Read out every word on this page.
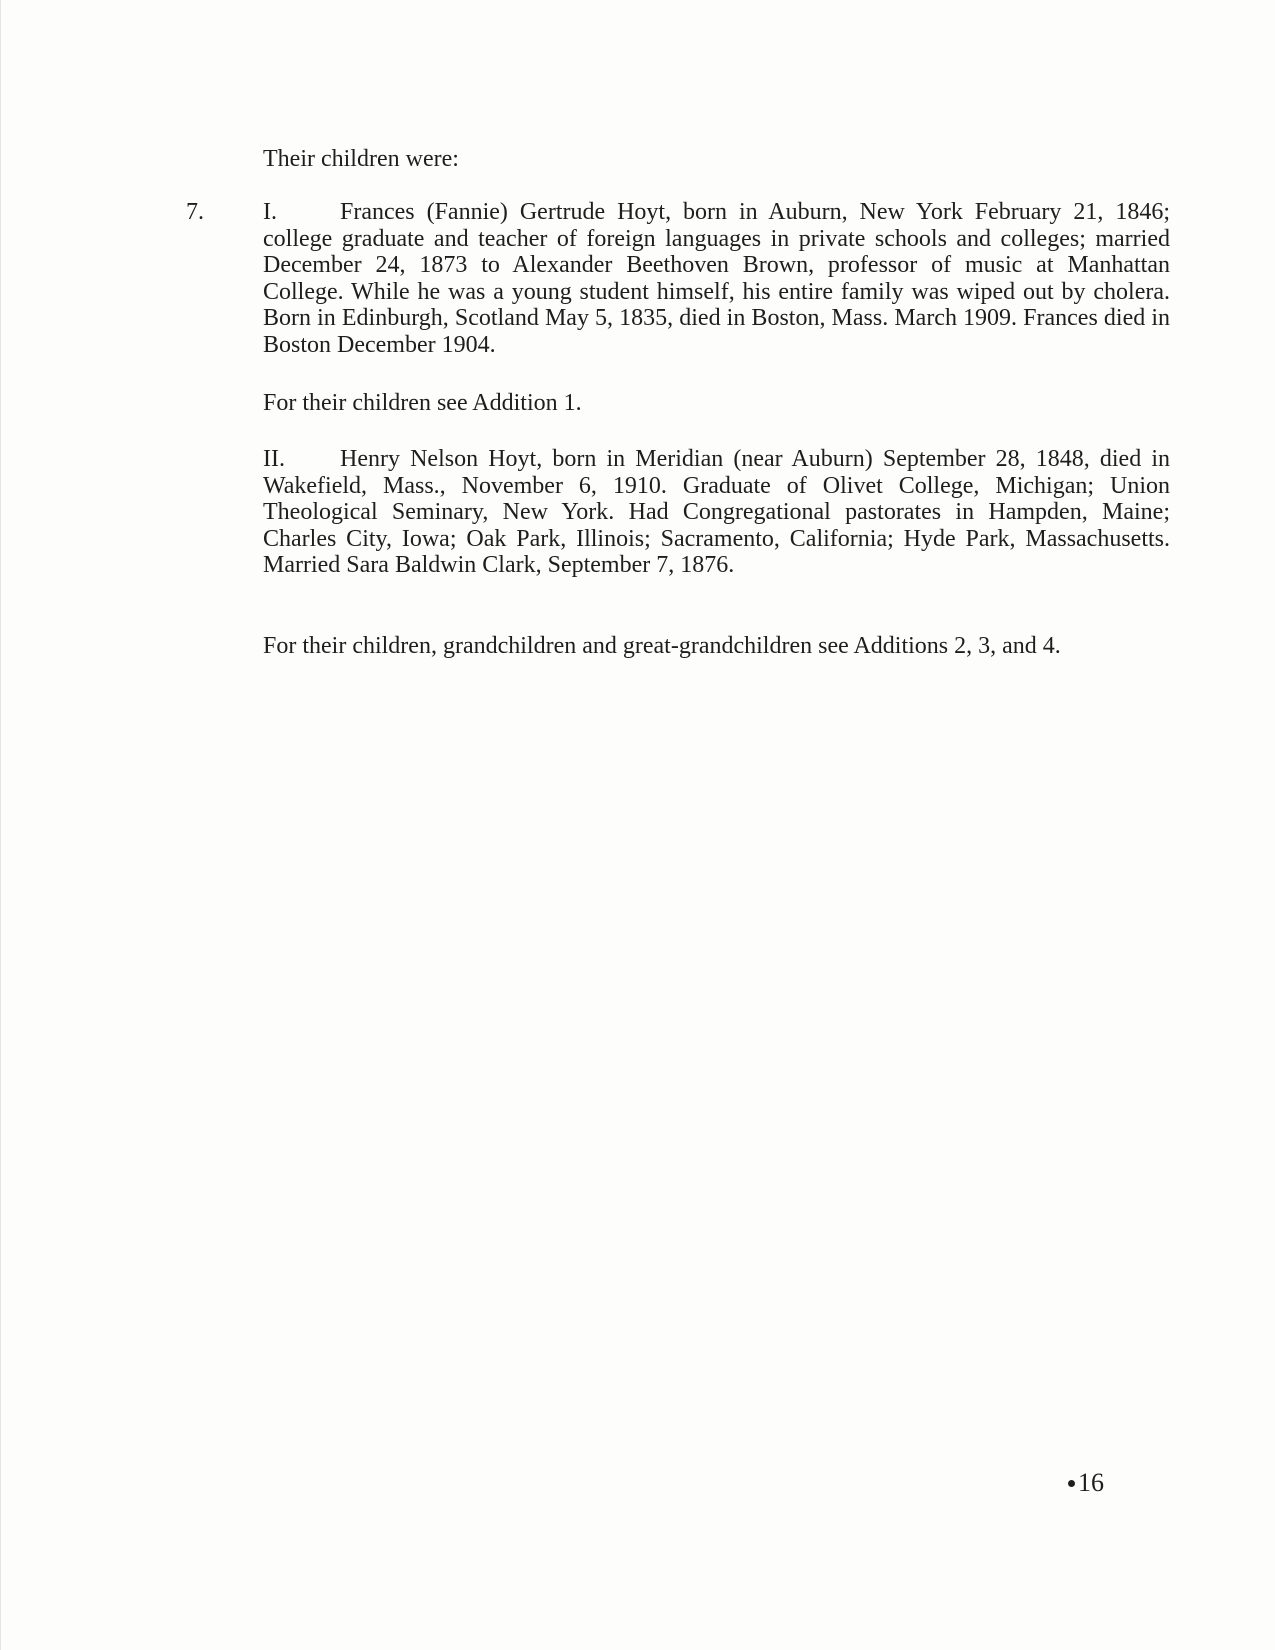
Their children were:

7. I.	Frances (Fannie) Gertrude Hoyt, born in Auburn, New York February 21, 1846; college graduate and teacher of foreign languages in private schools and colleges; married December 24, 1873 to Alexander Beethoven Brown, professor of music at Manhattan College. While he was a young student himself, his entire family was wiped out by cholera. Born in Edinburgh, Scotland May 5, 1835, died in Boston, Mass. March 1909. Frances died in Boston December 1904.

For their children see Addition 1.

II. Henry Nelson Hoyt, born in Meridian (near Auburn) September 28, 1848, died in Wakefield, Mass., November 6, 1910. Graduate of Olivet College, Michigan; Union Theological Seminary, New York. Had Congregational pastorates in Hampden, Maine; Charles City, Iowa; Oak Park, Illinois; Sacramento, California; Hyde Park, Massachusetts. Married Sara Baldwin Clark, September 7, 1876.

For their children, grandchildren and great-grandchildren see Additions 2, 3, and 4.

16
